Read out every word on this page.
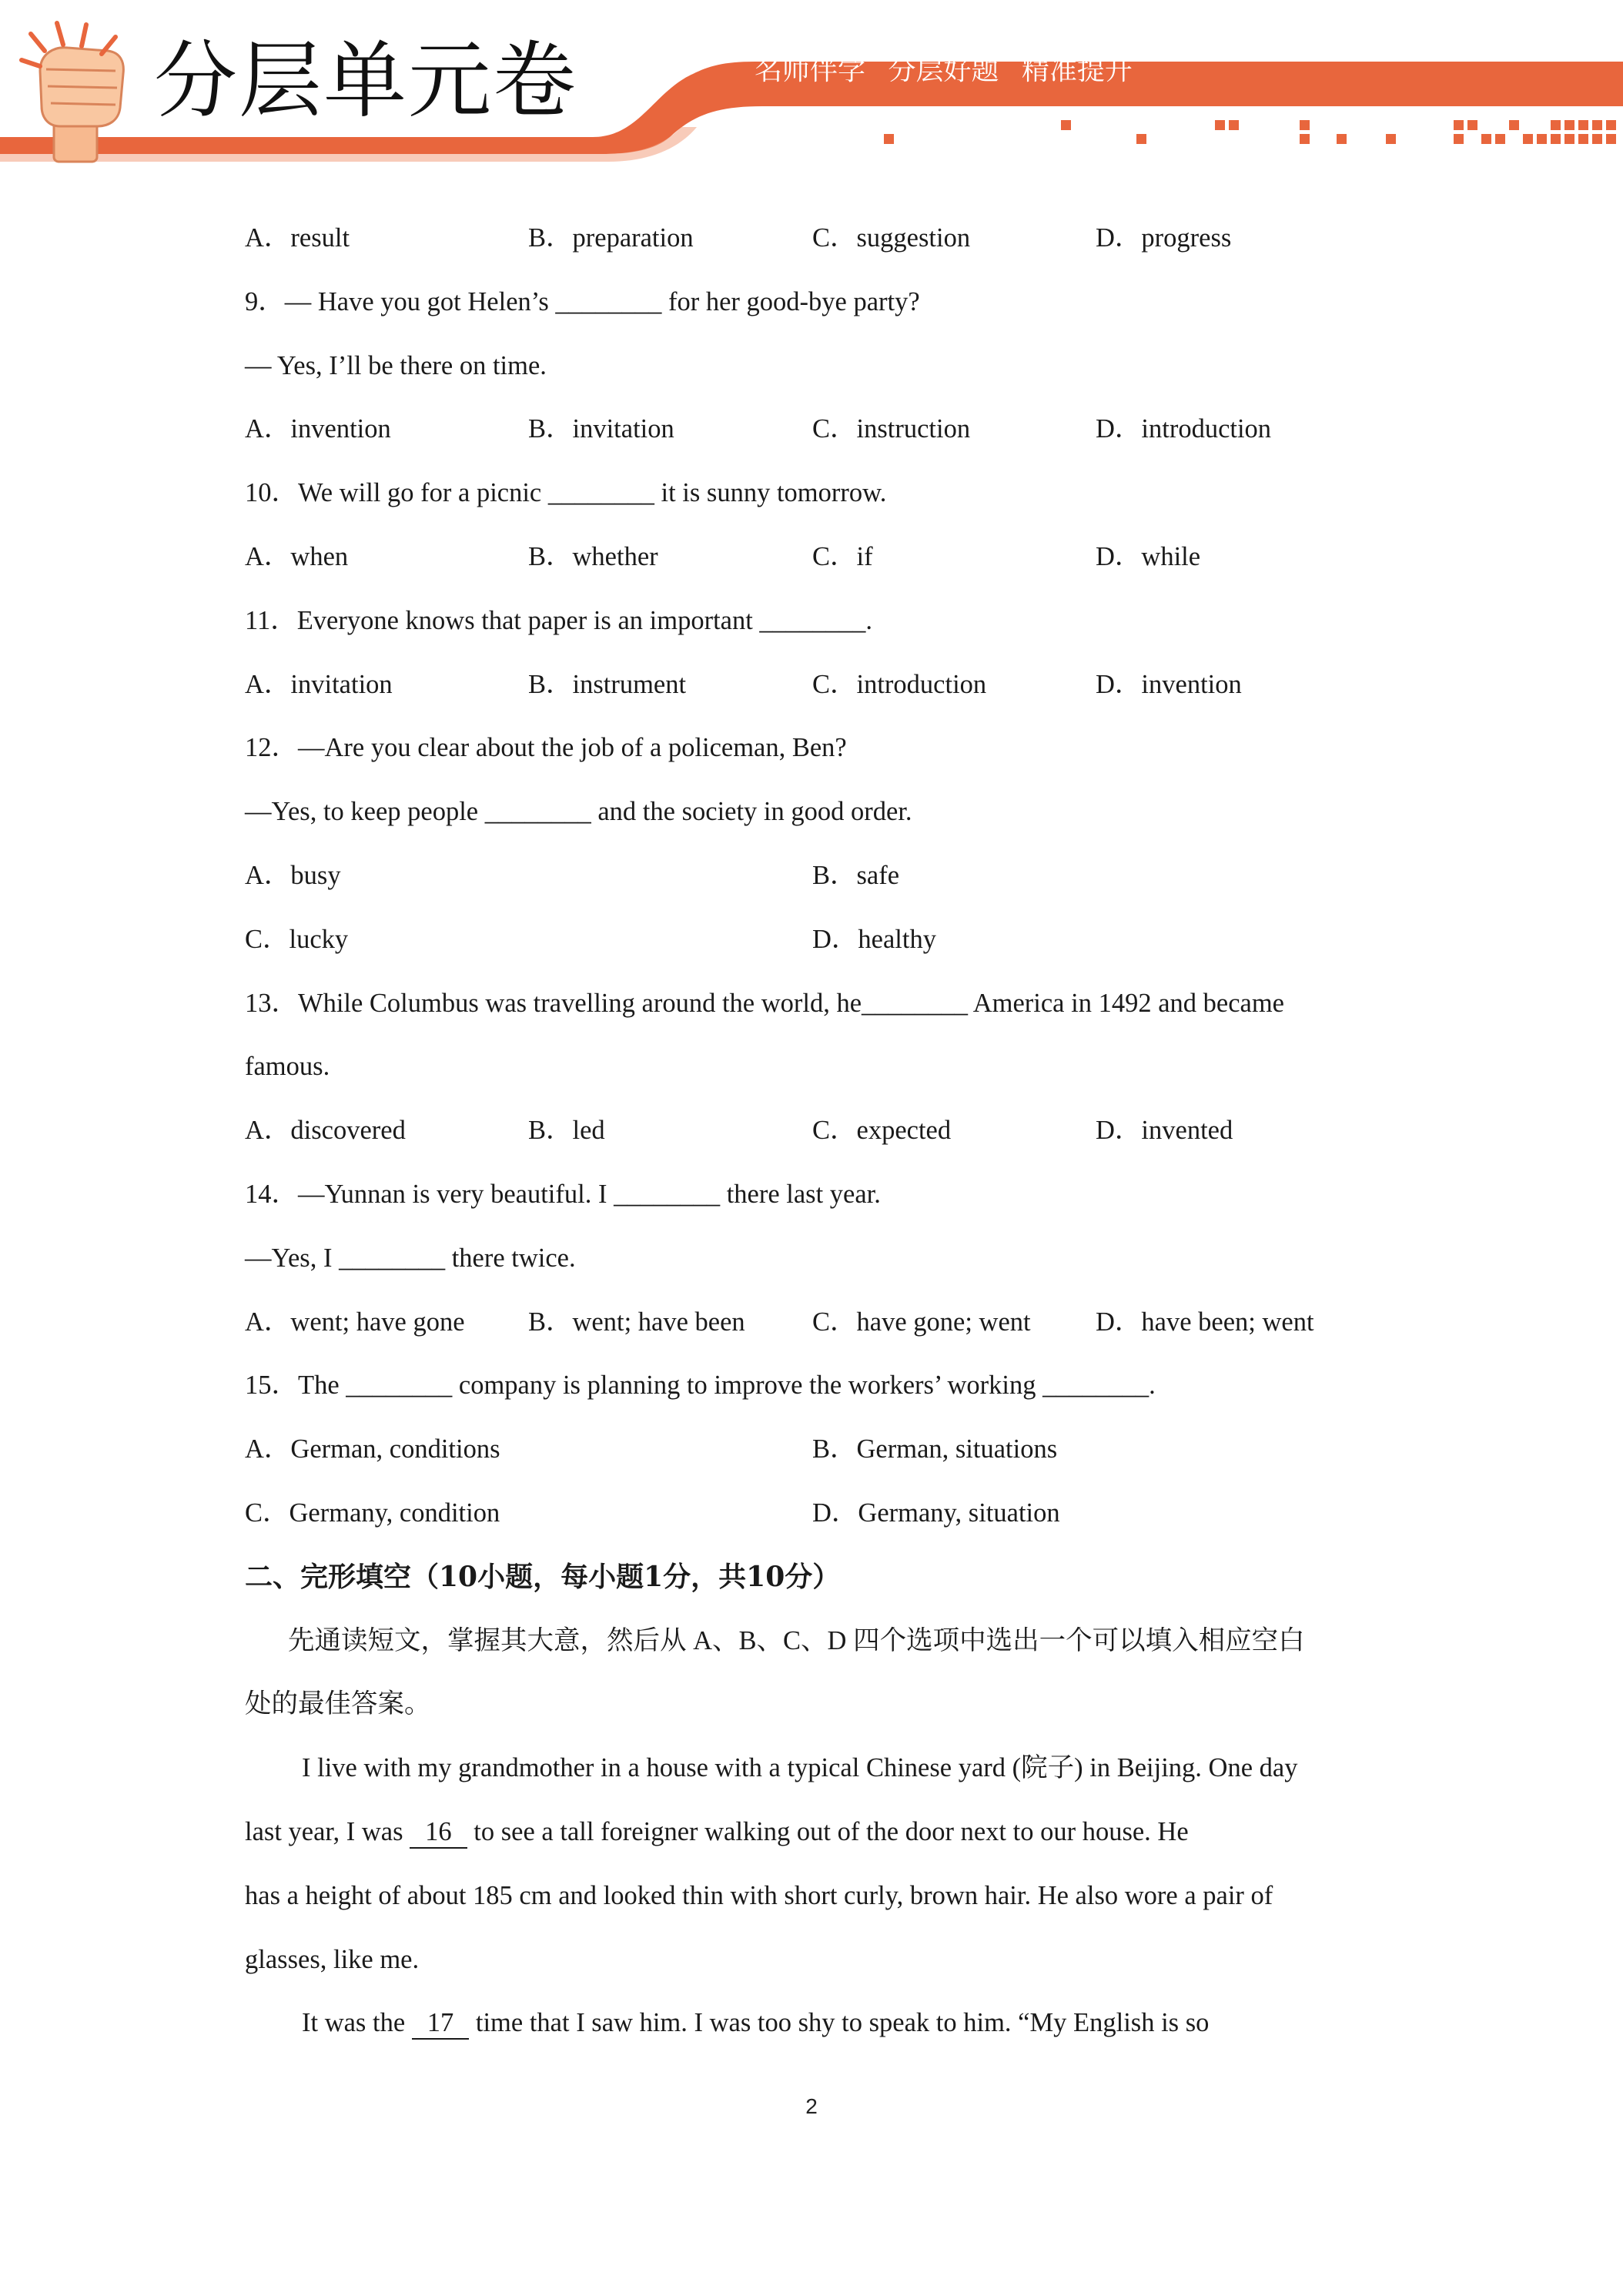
分层单元卷	名师伴学 分层好题 精准提升
A．result	B．preparation	C．suggestion	D．progress
9．— Have you got Helen’s ________ for her good-bye party?
— Yes, I’ll be there on time.
A．invention	B．invitation	C．instruction	D．introduction
10．We will go for a picnic ________ it is sunny tomorrow.
A．when	B．whether	C．if	D．while
11．Everyone knows that paper is an important ________.
A．invitation	B．instrument	C．introduction	D．invention
12．—Are you clear about the job of a policeman, Ben?
—Yes, to keep people ________ and the society in good order.
A．busy	B．safe
C．lucky	D．healthy
13．While Columbus was travelling around the world, he________ America in 1492 and became
famous.
A．discovered	B．led	C．expected	D．invented
14．—Yunnan is very beautiful. I ________ there last year.
—Yes, I ________ there twice.
A．went; have gone B．went; have been	C．have gone; went D．have been; went
15．The ________ company is planning to improve the workers’ working ________.
A．German, conditions	B．German, situations
C．Germany, condition	D．Germany, situation
二、完形填空（10小题，每小题1分，共10分）
先通读短文，掌握其大意，然后从 A、B、C、D 四个选项中选出一个可以填入相应空白
处的最佳答案。
I live with my grandmother in a house with a typical Chinese yard (院子) in Beijing. One day
last year, I was 16 to see a tall foreigner walking out of the door next to our house. He
has a height of about 185 cm and looked thin with short curly, brown hair. He also wore a pair of
glasses, like me.
It was the 17 time that I saw him. I was too shy to speak to him. “My English is so
2
